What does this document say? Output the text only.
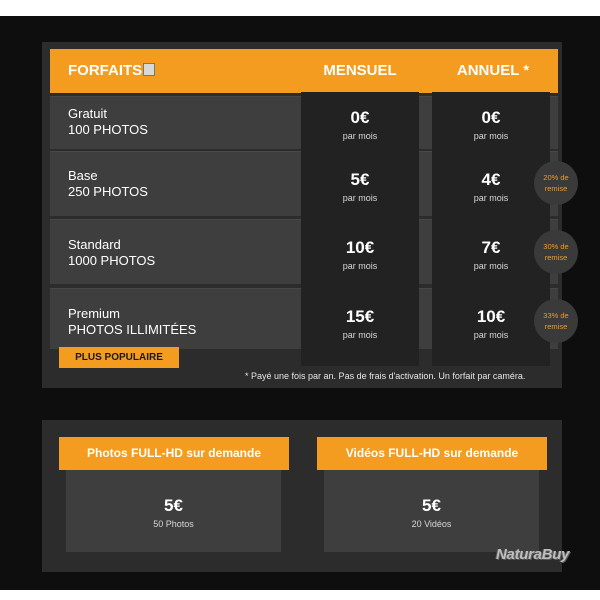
FORFAITS	MENSUEL	ANNUEL *
Gratuit
100 PHOTOS
Base
250 PHOTOS
Standard
1000 PHOTOS
Premium
PHOTOS ILLIMITÉES
0€
par mois
5€
par mois
10€
par mois
15€
par mois
0€
par mois
4€
par mois
7€
par mois
10€
par mois
20% de remise
30% de remise
33% de remise
PLUS POPULAIRE
* Payé une fois par an. Pas de frais d'activation. Un forfait par caméra.
Photos FULL-HD sur demande
5€
50 Photos
Vidéos FULL-HD sur demande
5€
20 Vidéos
NaturaBuy
